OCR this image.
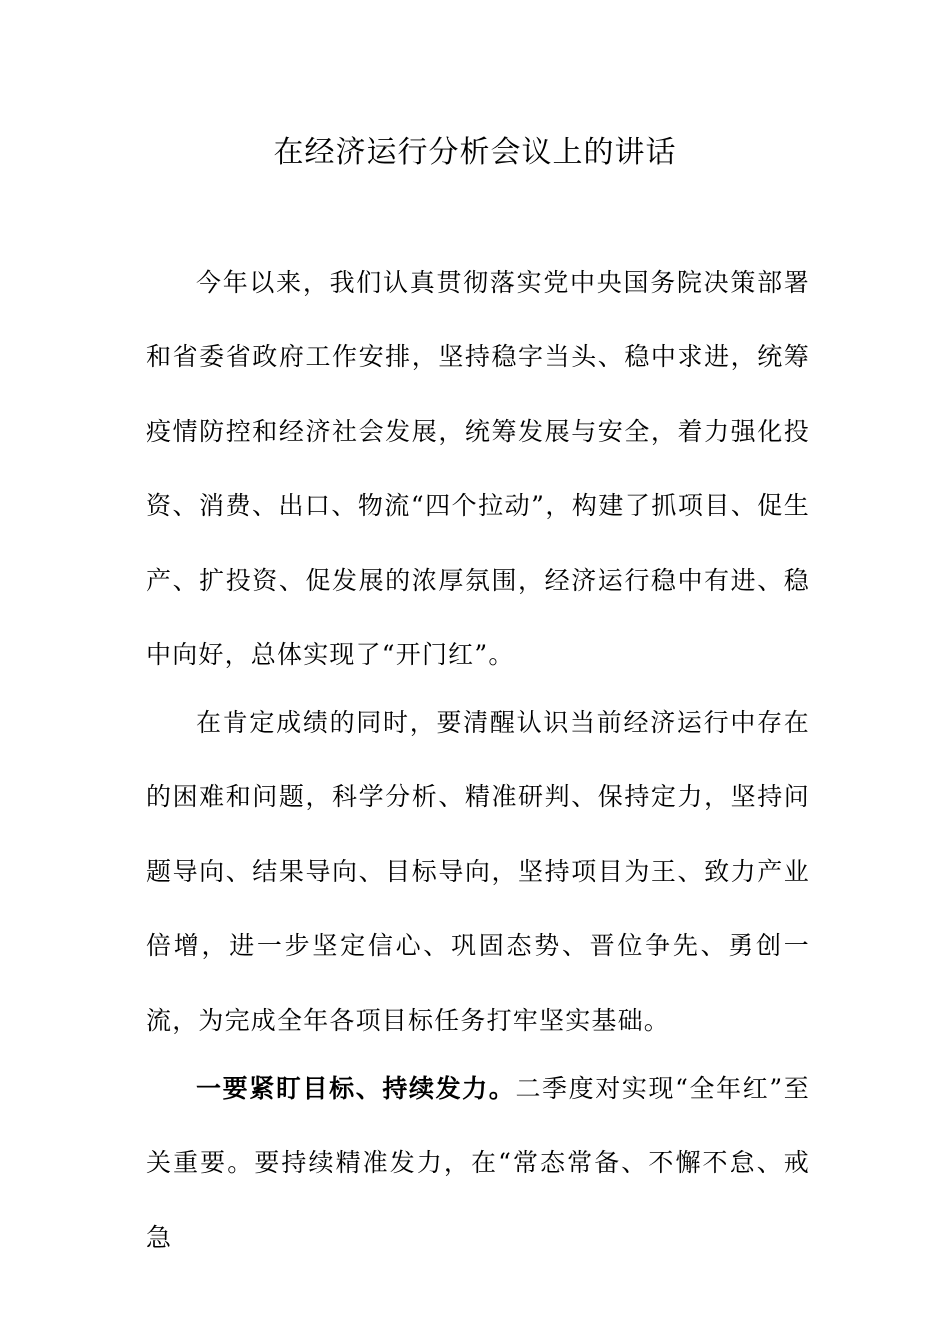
在经济运行分析会议上的讲话

今年以来，我们认真贯彻落实党中央国务院决策部署和省委省政府工作安排，坚持稳字当头、稳中求进，统筹疫情防控和经济社会发展，统筹发展与安全，着力强化投资、消费、出口、物流“四个拉动”，构建了抓项目、促生产、扩投资、促发展的浓厚氛围，经济运行稳中有进、稳中向好，总体实现了“开门红”。

在肯定成绩的同时，要清醒认识当前经济运行中存在的困难和问题，科学分析、精准研判、保持定力，坚持问题导向、结果导向、目标导向，坚持项目为王、致力产业倍增，进一步坚定信心、巩固态势、晋位争先、勇创一流，为完成全年各项目标任务打牢坚实基础。

一要紧盯目标、持续发力。二季度对实现“全年红”至关重要。要持续精准发力，在“常态常备、不懈不怠、戒急
